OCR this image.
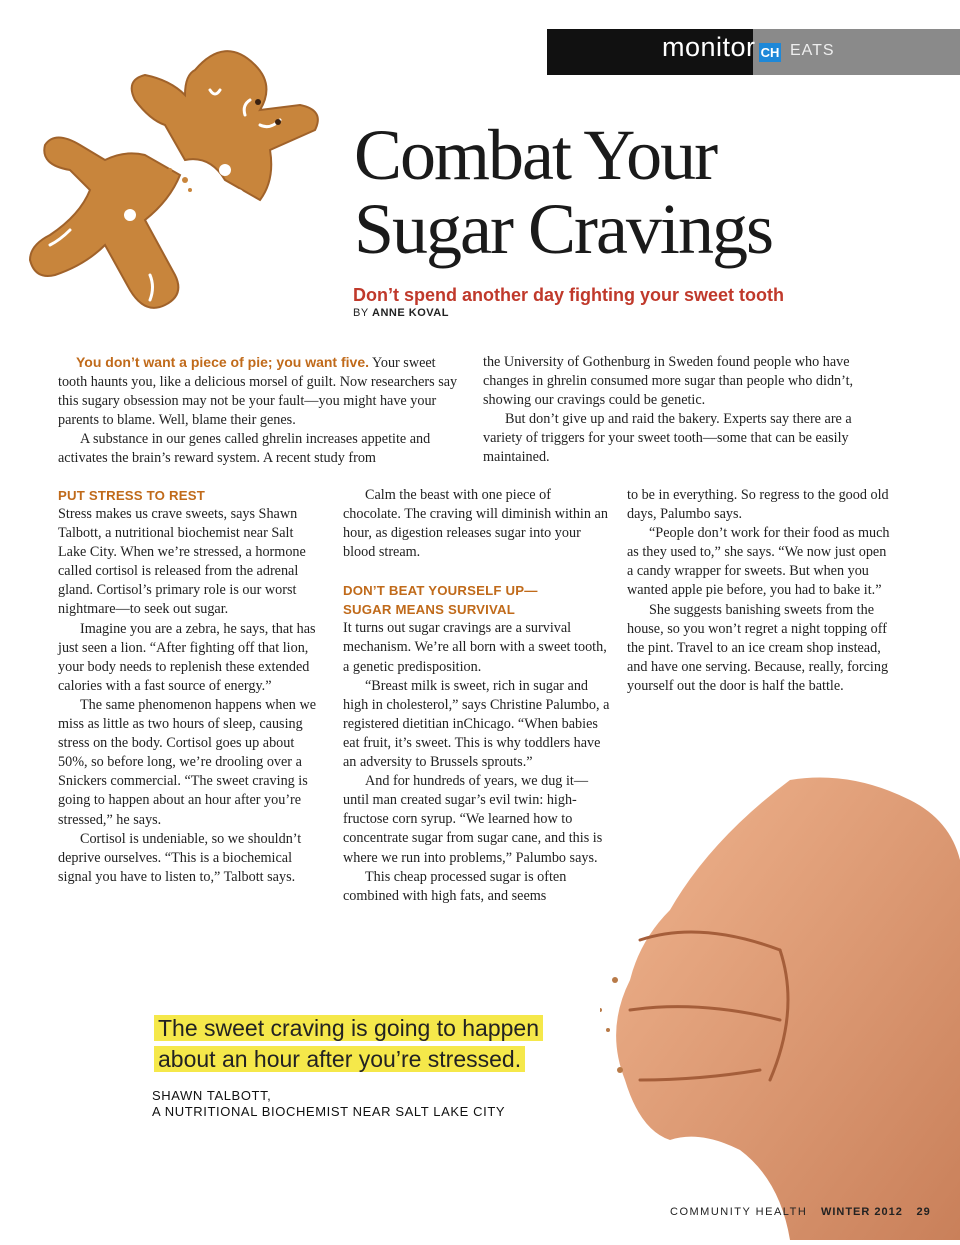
monitor CH EATS
Combat Your
Sugar Cravings
Don’t spend another day fighting your sweet tooth
BY ANNE KOVAL

You don’t want a piece of pie; you want five. Your sweet tooth haunts you, like a delicious morsel of guilt. Now researchers say this sugary obsession may not be your fault—you might have your parents to blame. Well, blame their genes.

A substance in our genes called ghrelin increases appetite and activates the brain’s reward system. A recent study from

the University of Gothenburg in Sweden found people who have changes in ghrelin consumed more sugar than people who didn’t, showing our cravings could be genetic.

But don’t give up and raid the bakery. Experts say there are a variety of triggers for your sweet tooth—some that can be easily maintained.

PUT STRESS TO REST

Stress makes us crave sweets, says Shawn Talbott, a nutritional biochemist near Salt Lake City. When we’re stressed, a hormone called cortisol is released from the adrenal gland. Cortisol’s primary role is our worst nightmare—to seek out sugar.

Imagine you are a zebra, he says, that has just seen a lion. “After fighting off that lion, your body needs to replenish these extended calories with a fast source of energy.”

The same phenomenon happens when we miss as little as two hours of sleep, causing stress on the body. Cortisol goes up about 50%, so before long, we’re drooling over a Snickers commercial. “The sweet craving is going to happen about an hour after you’re stressed,” he says.

Cortisol is undeniable, so we shouldn’t deprive ourselves. “This is a biochemical signal you have to listen to,” Talbott says.

Calm the beast with one piece of chocolate. The craving will diminish within an hour, as digestion releases sugar into your blood stream.

DON’T BEAT YOURSELF UP—
SUGAR MEANS SURVIVAL

It turns out sugar cravings are a survival mechanism. We’re all born with a sweet tooth, a genetic predisposition.

“Breast milk is sweet, rich in sugar and high in cholesterol,” says Christine Palumbo, a registered dietitian inChicago. “When babies eat fruit, it’s sweet. This is why toddlers have an adversity to Brussels sprouts.”

And for hundreds of years, we dug it—until man created sugar’s evil twin: high-fructose corn syrup. “We learned how to concentrate sugar from sugar cane, and this is where we run into problems,” Palumbo says.

This cheap processed sugar is often combined with high fats, and seems

to be in everything. So regress to the good old days, Palumbo says.

“People don’t work for their food as much as they used to,” she says. “We now just open a candy wrapper for sweets. But when you wanted apple pie before, you had to bake it.”

She suggests banishing sweets from the house, so you won’t regret a night topping off the pint. Travel to an ice cream shop instead, and have one serving. Because, really, forcing yourself out the door is half the battle.

The sweet craving is going to happen
about an hour after you’re stressed.
SHAWN TALBOTT,
A NUTRITIONAL BIOCHEMIST NEAR SALT LAKE CITY
COMMUNITY HEALTH WINTER 2012 29
